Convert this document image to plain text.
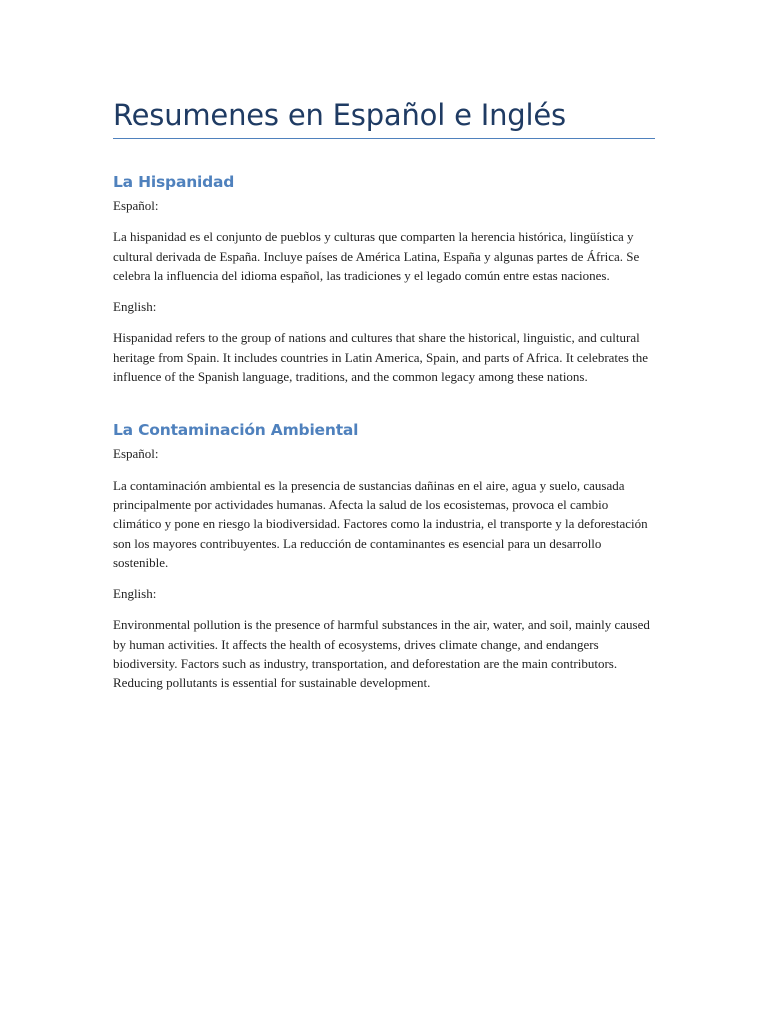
Resumenes en Español e Inglés
La Hispanidad

Español:

La hispanidad es el conjunto de pueblos y culturas que comparten la herencia histórica, lingüística y cultural derivada de España. Incluye países de América Latina, España y algunas partes de África. Se celebra la influencia del idioma español, las tradiciones y el legado común entre estas naciones.

English:

Hispanidad refers to the group of nations and cultures that share the historical, linguistic, and cultural heritage from Spain. It includes countries in Latin America, Spain, and parts of Africa. It celebrates the influence of the Spanish language, traditions, and the common legacy among these nations.

La Contaminación Ambiental

Español:

La contaminación ambiental es la presencia de sustancias dañinas en el aire, agua y suelo, causada principalmente por actividades humanas. Afecta la salud de los ecosistemas, provoca el cambio climático y pone en riesgo la biodiversidad. Factores como la industria, el transporte y la deforestación son los mayores contribuyentes. La reducción de contaminantes es esencial para un desarrollo sostenible.

English:

Environmental pollution is the presence of harmful substances in the air, water, and soil, mainly caused by human activities. It affects the health of ecosystems, drives climate change, and endangers biodiversity. Factors such as industry, transportation, and deforestation are the main contributors. Reducing pollutants is essential for sustainable development.
